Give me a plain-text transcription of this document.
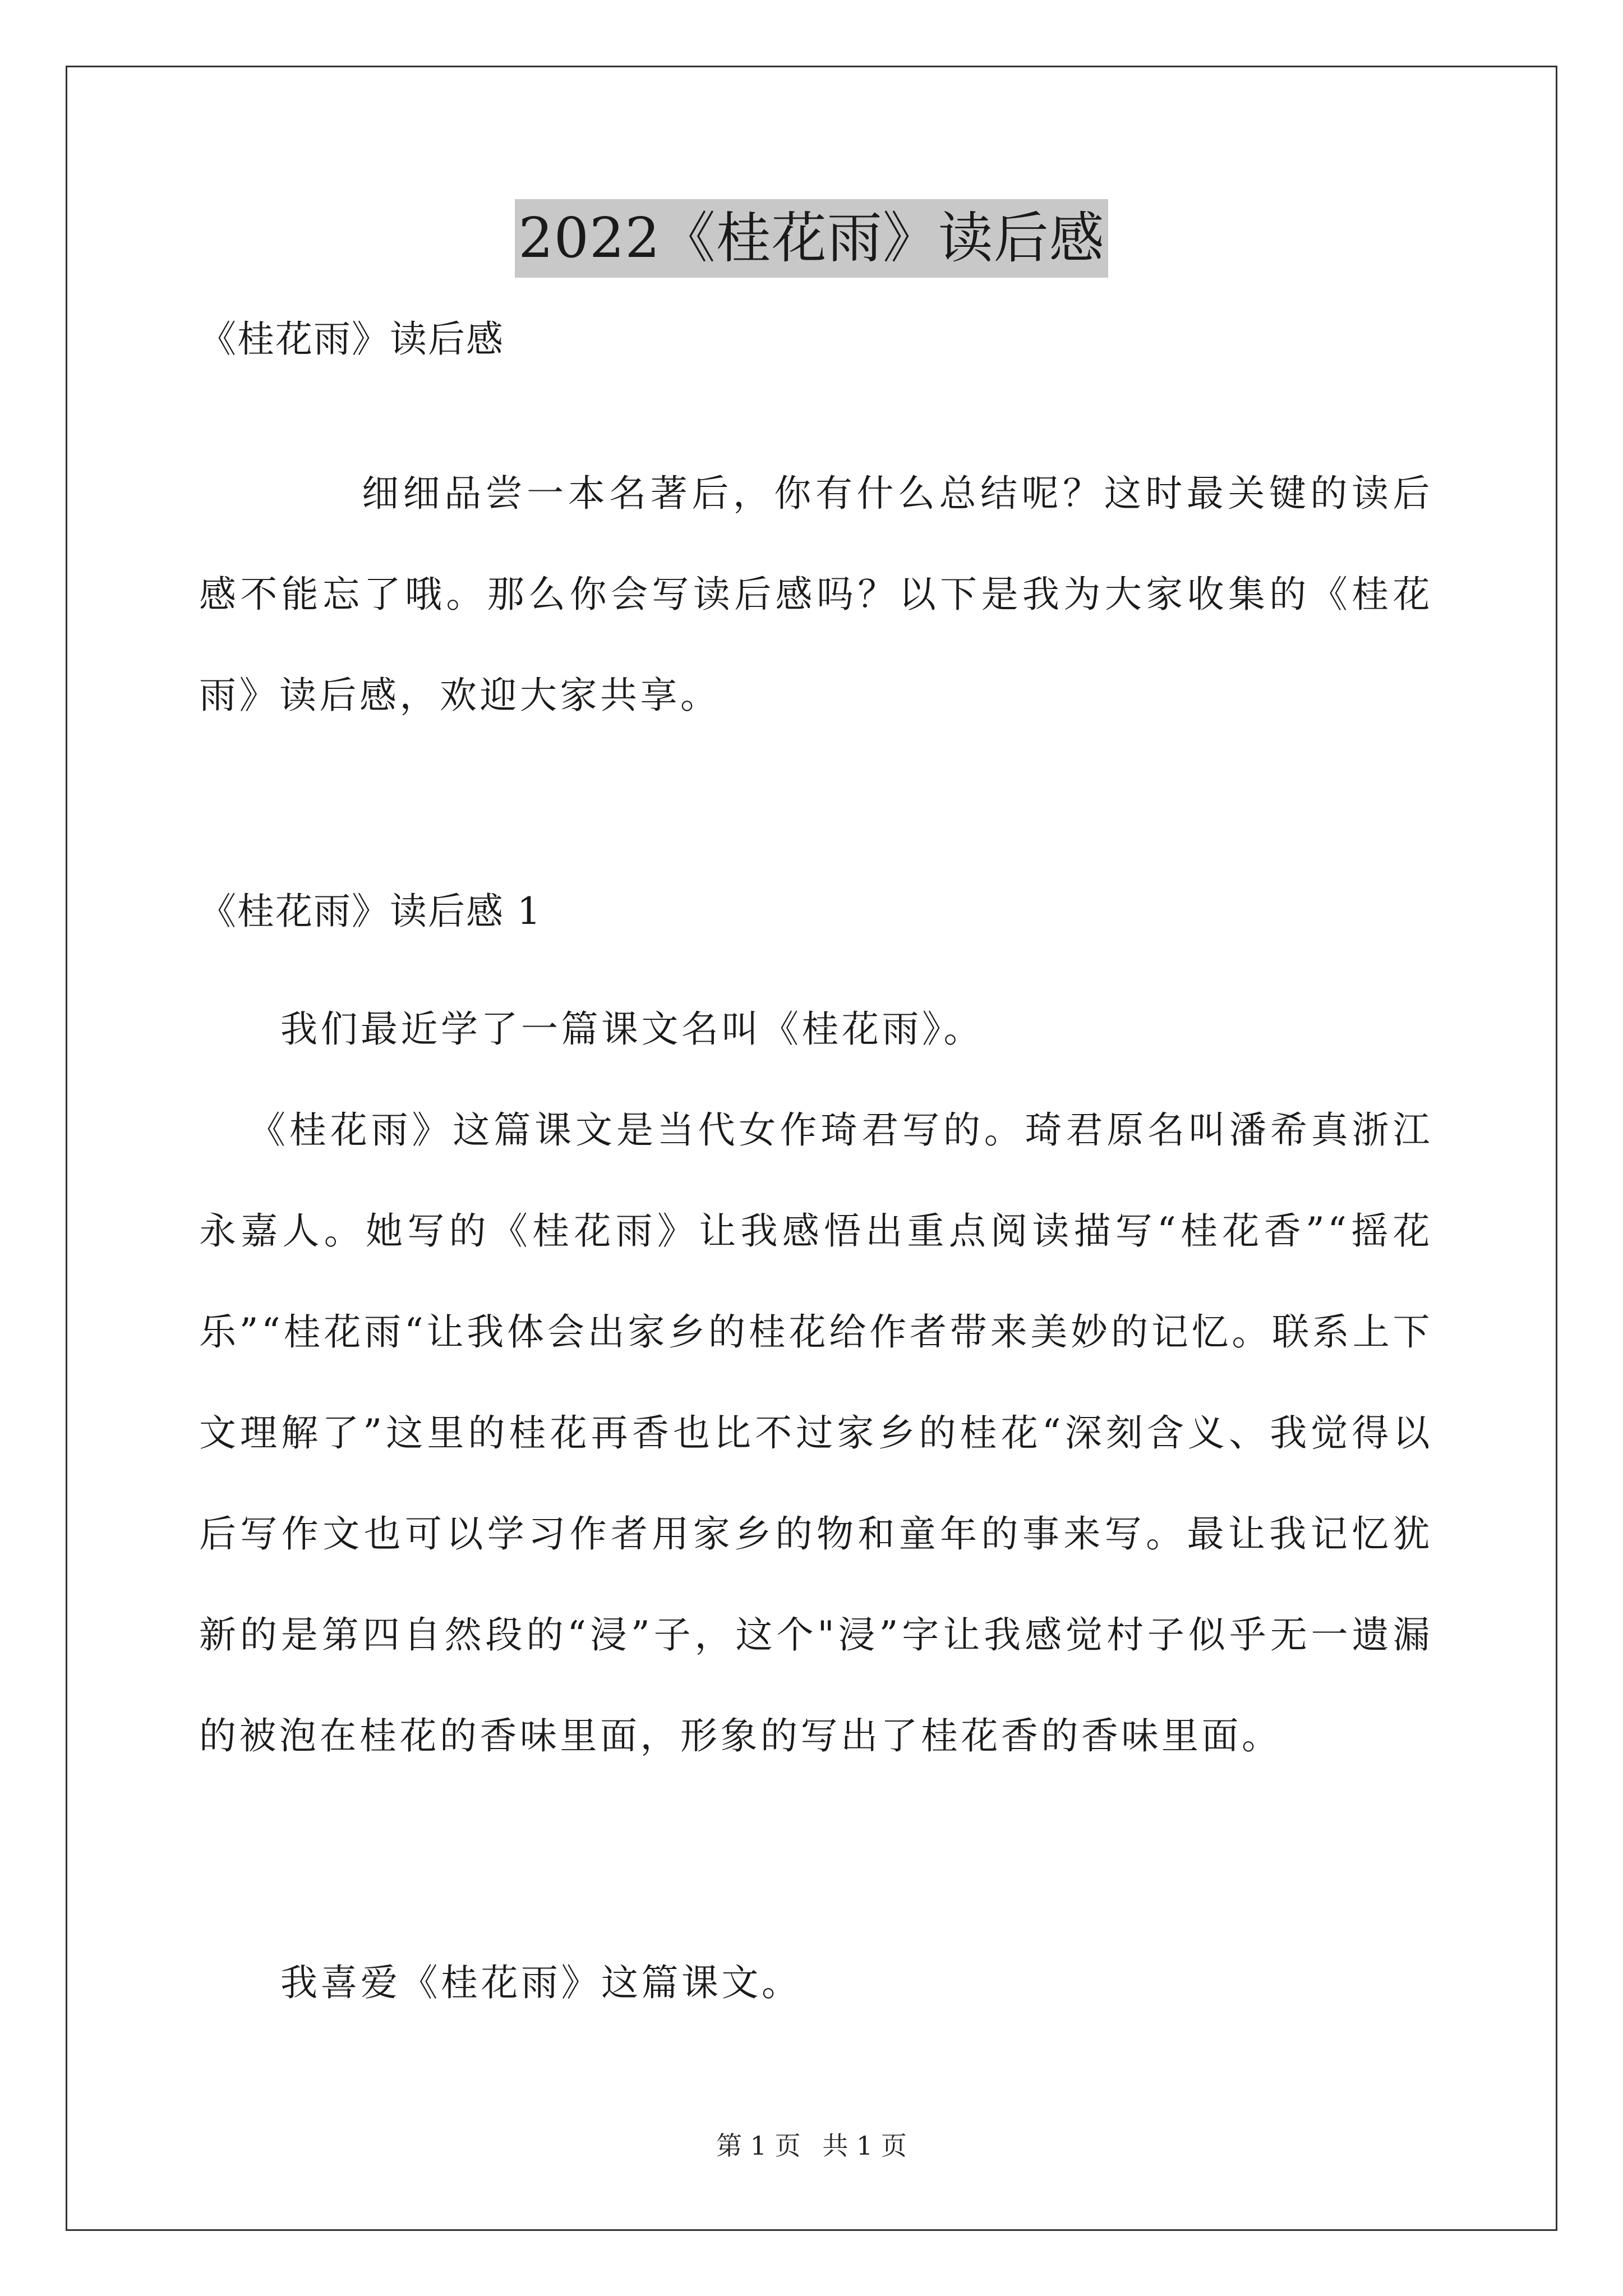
2022《桂花雨》读后感
《桂花雨》读后感
细细品尝一本名著后，你有什么总结呢？这时最关键的读后感不能忘了哦。那么你会写读后感吗？以下是我为大家收集的《桂花雨》读后感，欢迎大家共享。
《桂花雨》读后感 1
我们最近学了一篇课文名叫《桂花雨》。
《桂花雨》这篇课文是当代女作琦君写的。琦君原名叫潘希真浙江永嘉人。她写的《桂花雨》让我感悟出重点阅读描写“桂花香”“摇花乐”“桂花雨“让我体会出家乡的桂花给作者带来美妙的记忆。联系上下文理解了”这里的桂花再香也比不过家乡的桂花“深刻含义、我觉得以后写作文也可以学习作者用家乡的物和童年的事来写。最让我记忆犹新的是第四自然段的“浸”子，这个"浸”字让我感觉村子似乎无一遗漏的被泡在桂花的香味里面，形象的写出了桂花香的香味里面。
我喜爱《桂花雨》这篇课文。
第 1 页 共 1 页
